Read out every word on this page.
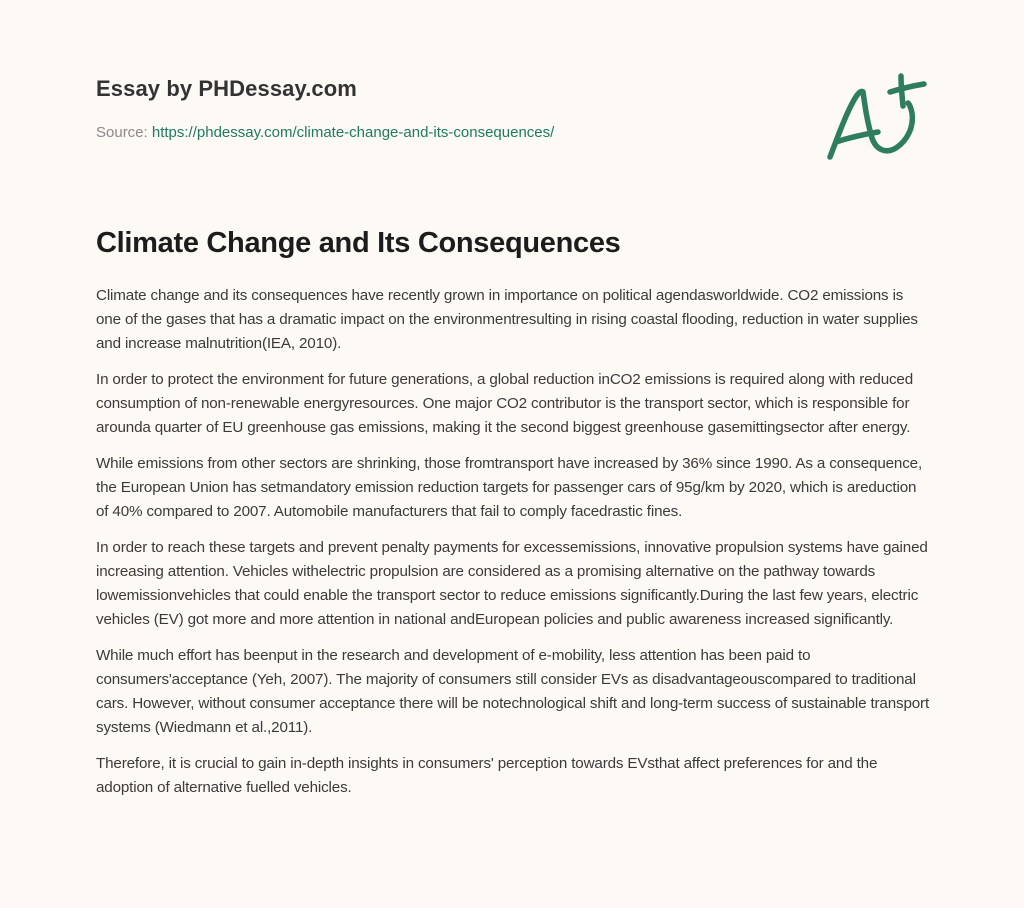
Essay by PHDessay.com
Source: https://phdessay.com/climate-change-and-its-consequences/
Climate Change and Its Consequences

Climate change and its consequences have recently grown in importance on political agendasworldwide. CO2 emissions is one of the gases that has a dramatic impact on the environmentresulting in rising coastal flooding, reduction in water supplies and increase malnutrition(IEA, 2010).

In order to protect the environment for future generations, a global reduction inCO2 emissions is required along with reduced consumption of non-renewable energyresources. One major CO2 contributor is the transport sector, which is responsible for arounda quarter of EU greenhouse gas emissions, making it the second biggest greenhouse gasemittingsector after energy.

While emissions from other sectors are shrinking, those fromtransport have increased by 36% since 1990. As a consequence, the European Union has setmandatory emission reduction targets for passenger cars of 95g/km by 2020, which is areduction of 40% compared to 2007. Automobile manufacturers that fail to comply facedrastic fines.

In order to reach these targets and prevent penalty payments for excessemissions, innovative propulsion systems have gained increasing attention. Vehicles withelectric propulsion are considered as a promising alternative on the pathway towards lowemissionvehicles that could enable the transport sector to reduce emissions significantly.During the last few years, electric vehicles (EV) got more and more attention in national andEuropean policies and public awareness increased significantly.

While much effort has beenput in the research and development of e-mobility, less attention has been paid to consumers'acceptance (Yeh, 2007). The majority of consumers still consider EVs as disadvantageouscompared to traditional cars. However, without consumer acceptance there will be notechnological shift and long-term success of sustainable transport systems (Wiedmann et al.,2011).

Therefore, it is crucial to gain in-depth insights in consumers' perception towards EVsthat affect preferences for and the adoption of alternative fuelled vehicles.
